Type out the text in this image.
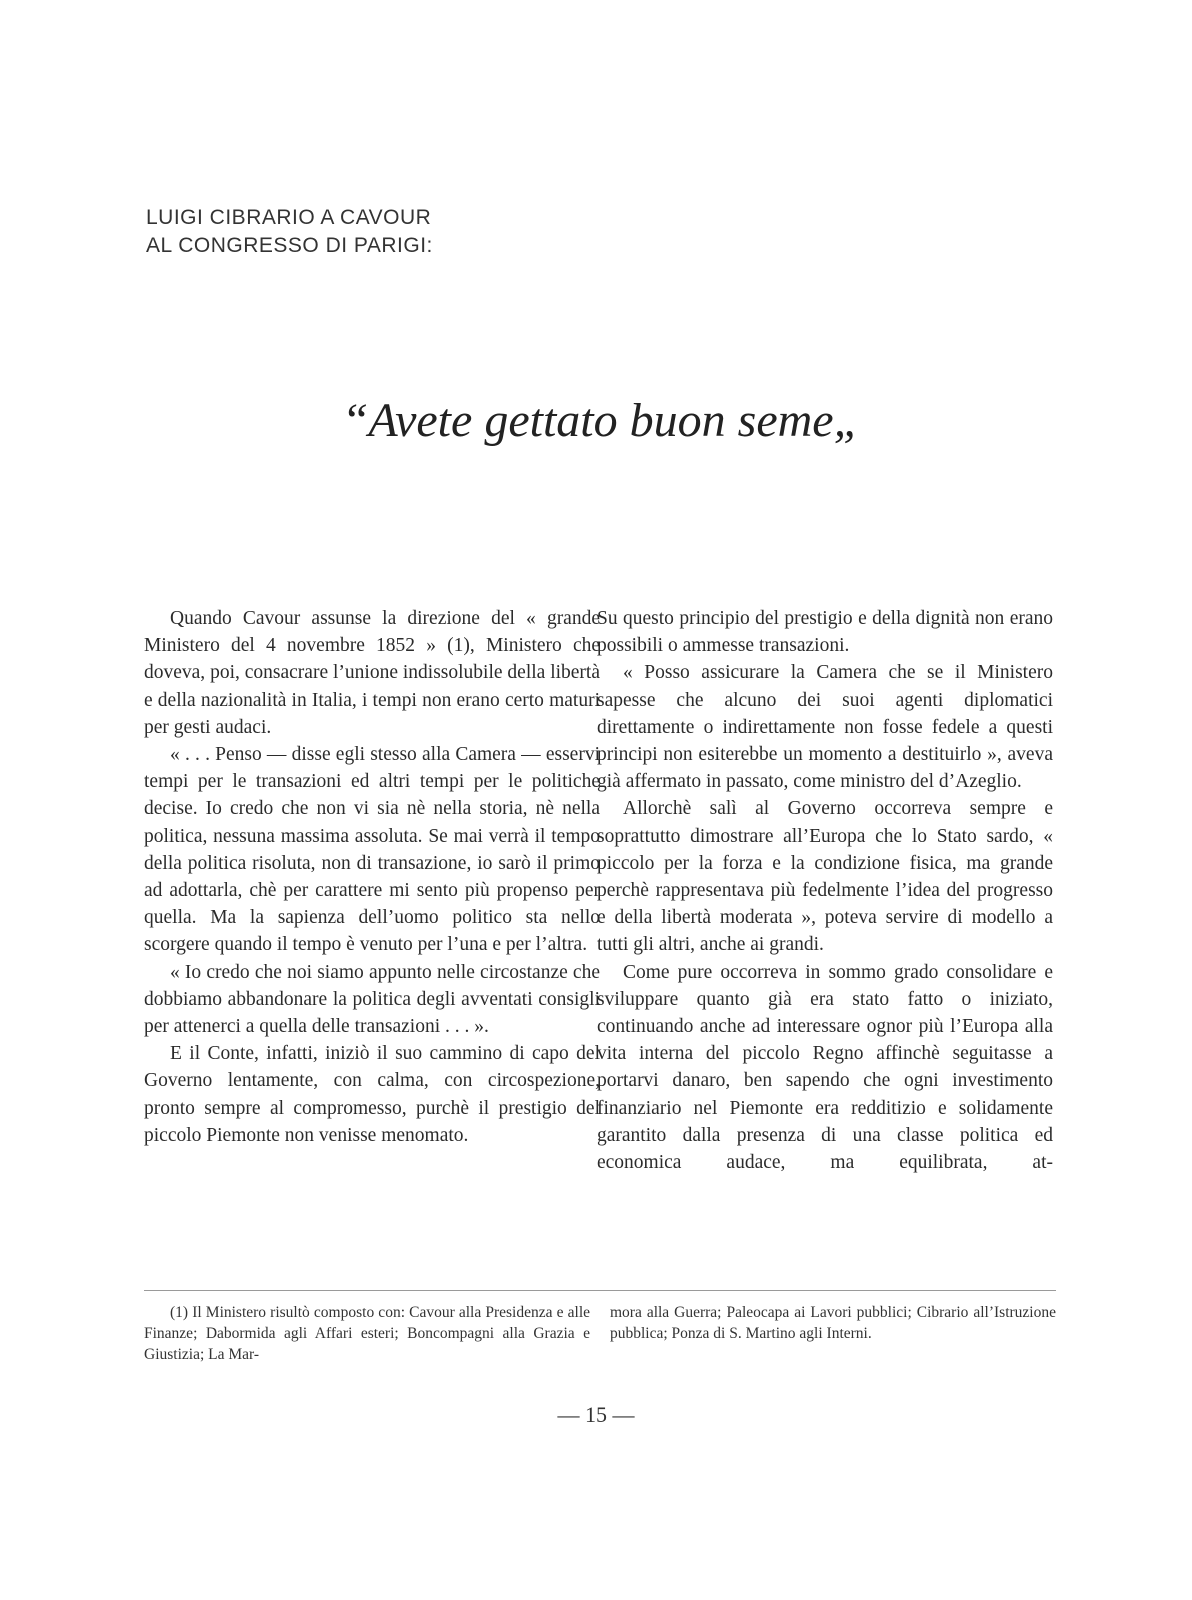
LUIGI CIBRARIO A CAVOUR
AL CONGRESSO DI PARIGI:
“Avete gettato buon seme„

Quando Cavour assunse la direzione del « grande Ministero del 4 novembre 1852 » (1), Ministero che doveva, poi, consacrare l’unione indissolubile della libertà e della nazionalità in Italia, i tempi non erano certo maturi per gesti audaci.

« . . . Penso — disse egli stesso alla Camera — esservi tempi per le transazioni ed altri tempi per le politiche decise. Io credo che non vi sia nè nella storia, nè nella politica, nessuna massima assoluta. Se mai verrà il tempo della politica risoluta, non di transazione, io sarò il primo ad adottarla, chè per carattere mi sento più propenso per quella. Ma la sapienza dell’uomo politico sta nello scorgere quando il tempo è venuto per l’una e per l’altra.

« Io credo che noi siamo appunto nelle circostanze che dobbiamo abbandonare la politica degli avventati consigli per attenerci a quella delle transazioni . . . ».

E il Conte, infatti, iniziò il suo cammino di capo del Governo lentamente, con calma, con circospezione, pronto sempre al compromesso, purchè il prestigio del piccolo Piemonte non venisse menomato.

Su questo principio del prestigio e della dignità non erano possibili o ammesse transazioni.

« Posso assicurare la Camera che se il Ministero sapesse che alcuno dei suoi agenti diplomatici direttamente o indirettamente non fosse fedele a questi principi non esiterebbe un momento a destituirlo », aveva già affermato in passato, come ministro del d’Azeglio.

Allorchè salì al Governo occorreva sempre e soprattutto dimostrare all’Europa che lo Stato sardo, « piccolo per la forza e la condizione fisica, ma grande perchè rappresentava più fedelmente l’idea del progresso e della libertà moderata », poteva servire di modello a tutti gli altri, anche ai grandi.

Come pure occorreva in sommo grado consolidare e sviluppare quanto già era stato fatto o iniziato, continuando anche ad interessare ognor più l’Europa alla vita interna del piccolo Regno affinchè seguitasse a portarvi danaro, ben sapendo che ogni investimento finanziario nel Piemonte era redditizio e solidamente garantito dalla presenza di una classe politica ed economica audace, ma equilibrata, at-

(1) Il Ministero risultò composto con: Cavour alla Presidenza e alle Finanze; Dabormida agli Affari esteri; Boncompagni alla Grazia e Giustizia; La Mar-

mora alla Guerra; Paleocapa ai Lavori pubblici; Cibrario all’Istruzione pubblica; Ponza di S. Martino agli Interni.

— 15 —
